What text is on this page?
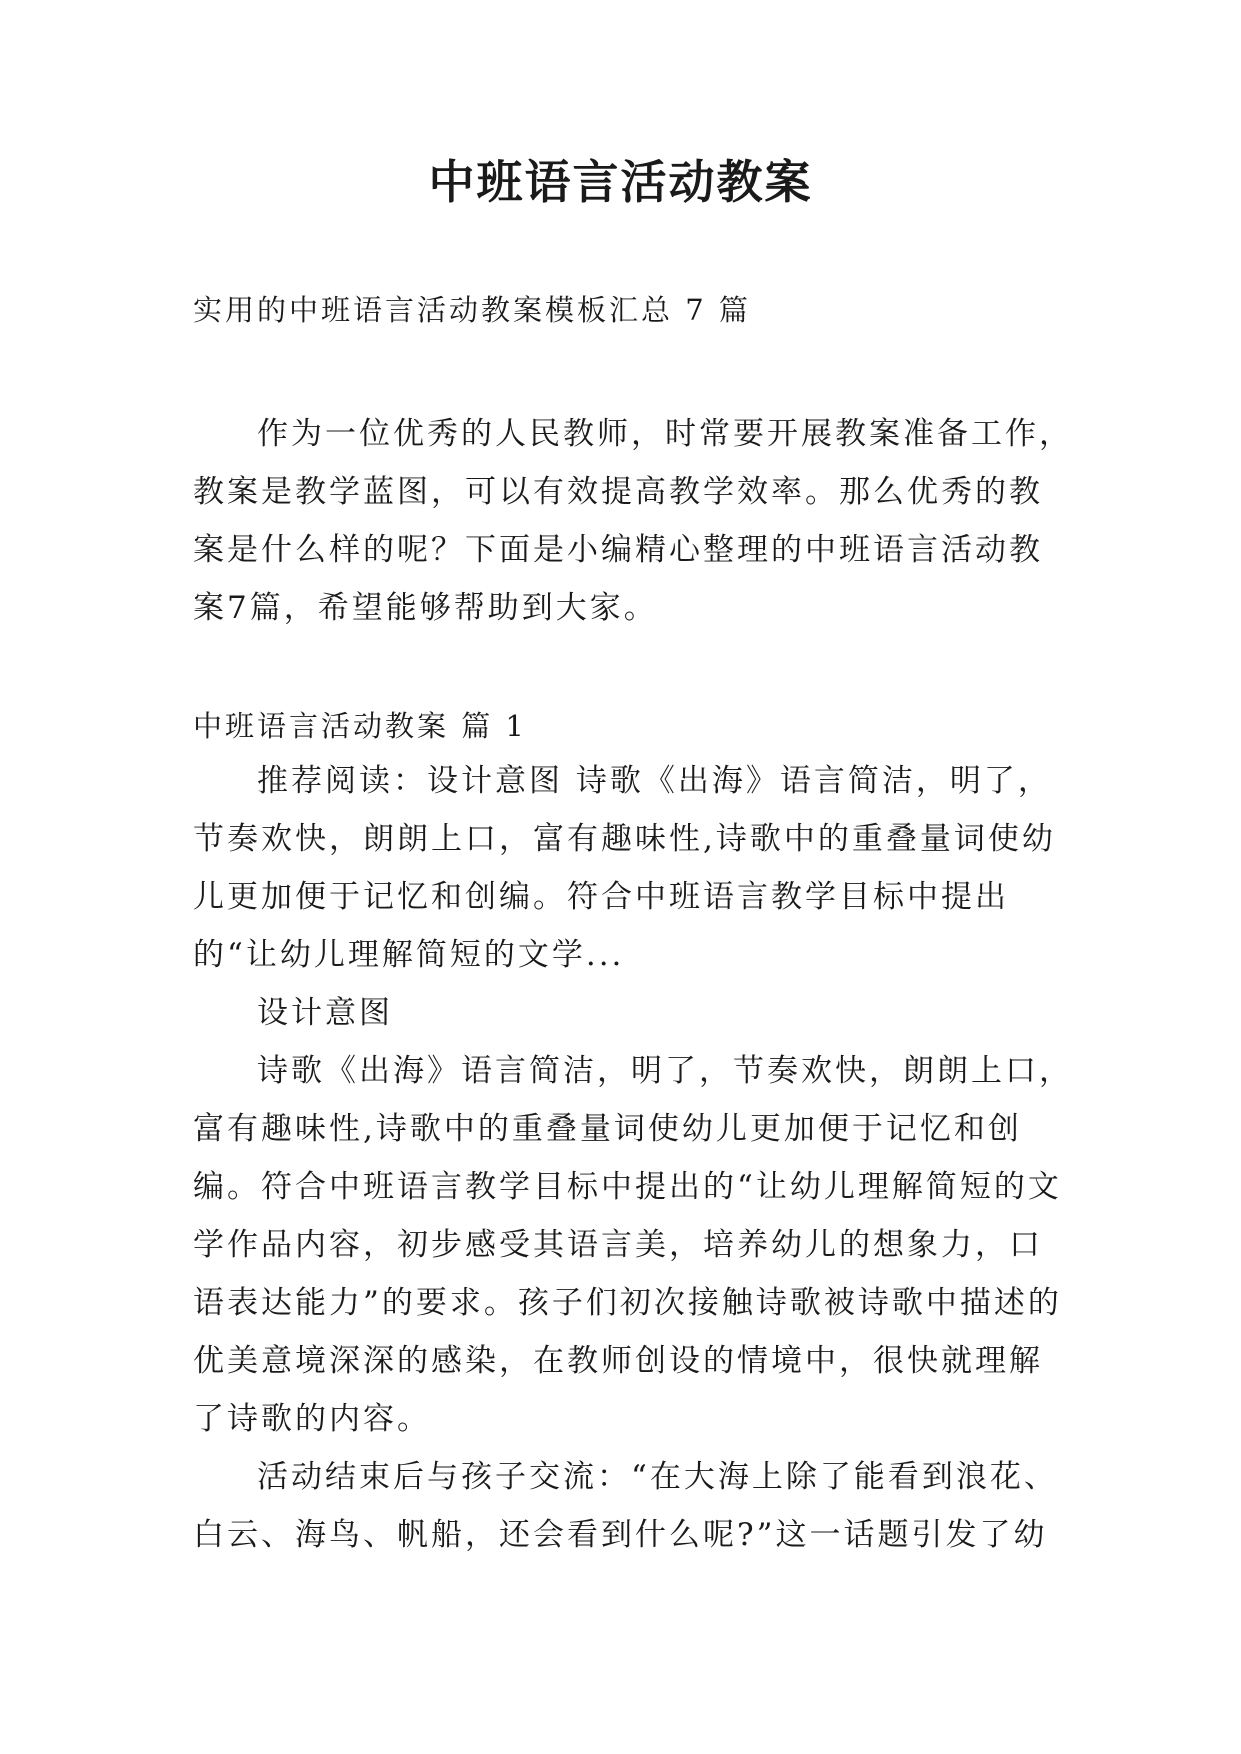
中班语言活动教案

实用的中班语言活动教案模板汇总 7 篇

作为一位优秀的人民教师，时常要开展教案准备工作，教案是教学蓝图，可以有效提高教学效率。那么优秀的教案是什么样的呢？下面是小编精心整理的中班语言活动教案7篇，希望能够帮助到大家。

中班语言活动教案 篇 1

推荐阅读：设计意图 诗歌《出海》语言简洁，明了，节奏欢快，朗朗上口，富有趣味性,诗歌中的重叠量词使幼儿更加便于记忆和创编。符合中班语言教学目标中提出的“让幼儿理解简短的文学...

设计意图

诗歌《出海》语言简洁，明了，节奏欢快，朗朗上口，富有趣味性,诗歌中的重叠量词使幼儿更加便于记忆和创编。符合中班语言教学目标中提出的“让幼儿理解简短的文学作品内容，初步感受其语言美，培养幼儿的想象力，口语表达能力”的要求。孩子们初次接触诗歌被诗歌中描述的优美意境深深的感染，在教师创设的情境中，很快就理解了诗歌的内容。

活动结束后与孩子交流：“在大海上除了能看到浪花、白云、海鸟、帆船，还会看到什么呢?”这一话题引发了幼
